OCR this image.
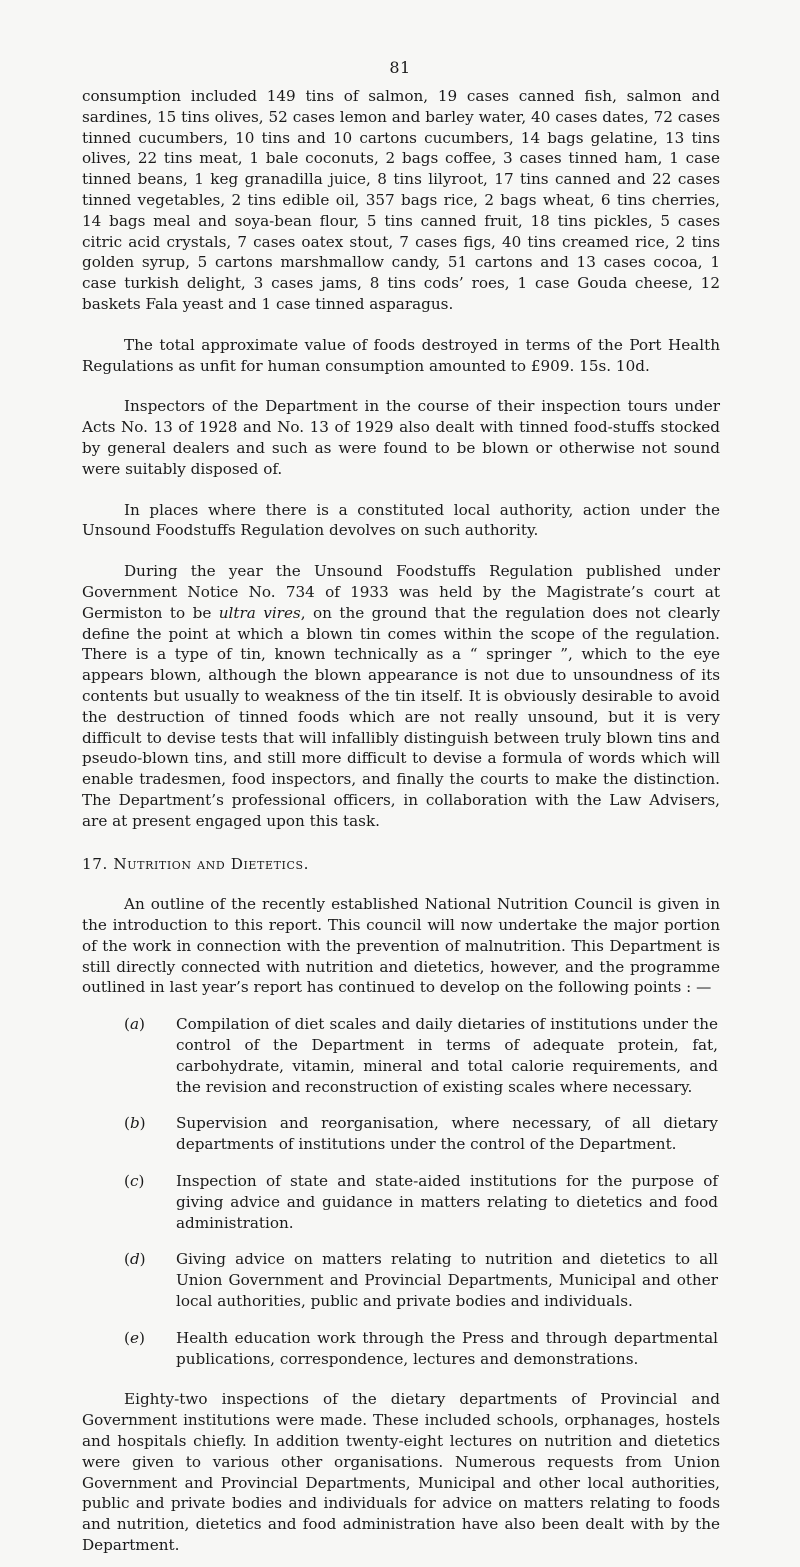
81

consumption included 149 tins of salmon, 19 cases canned fish, salmon and sardines, 15 tins olives, 52 cases lemon and barley water, 40 cases dates, 72 cases tinned cucumbers, 10 tins and 10 cartons cucumbers, 14 bags gelatine, 13 tins olives, 22 tins meat, 1 bale coconuts, 2 bags coffee, 3 cases tinned ham, 1 case tinned beans, 1 keg granadilla juice, 8 tins lilyroot, 17 tins canned and 22 cases tinned vegetables, 2 tins edible oil, 357 bags rice, 2 bags wheat, 6 tins cherries, 14 bags meal and soya-bean flour, 5 tins canned fruit, 18 tins pickles, 5 cases citric acid crystals, 7 cases oatex stout, 7 cases figs, 40 tins creamed rice, 2 tins golden syrup, 5 cartons marshmallow candy, 51 cartons and 13 cases cocoa, 1 case turkish delight, 3 cases jams, 8 tins cods’ roes, 1 case Gouda cheese, 12 baskets Fala yeast and 1 case tinned asparagus.

The total approximate value of foods destroyed in terms of the Port Health Regulations as unfit for human consumption amounted to £909. 15s. 10d.

Inspectors of the Department in the course of their inspection tours under Acts No. 13 of 1928 and No. 13 of 1929 also dealt with tinned food-stuffs stocked by general dealers and such as were found to be blown or otherwise not sound were suitably disposed of.

In places where there is a constituted local authority, action under the Unsound Foodstuffs Regulation devolves on such authority.

During the year the Unsound Foodstuffs Regulation published under Government Notice No. 734 of 1933 was held by the Magistrate’s court at Germiston to be ultra vires, on the ground that the regulation does not clearly define the point at which a blown tin comes within the scope of the regulation. There is a type of tin, known technically as a “ springer ”, which to the eye appears blown, although the blown appearance is not due to unsoundness of its contents but usually to weakness of the tin itself. It is obviously desirable to avoid the destruction of tinned foods which are not really unsound, but it is very difficult to devise tests that will infallibly distinguish between truly blown tins and pseudo-blown tins, and still more difficult to devise a formula of words which will enable tradesmen, food inspectors, and finally the courts to make the distinction. The Department’s professional officers, in collaboration with the Law Advisers, are at present engaged upon this task.

17. Nutrition and Dietetics.

An outline of the recently established National Nutrition Council is given in the introduction to this report. This council will now undertake the major portion of the work in connection with the prevention of malnutrition. This Department is still directly connected with nutrition and dietetics, however, and the programme outlined in last year’s report has continued to develop on the following points : —

(a)	Compilation of diet scales and daily dietaries of institutions under the control of the Department in terms of adequate protein, fat, carbohydrate, vitamin, mineral and total calorie requirements, and the revision and reconstruction of existing scales where necessary.
(b)	Supervision and reorganisation, where necessary, of all dietary departments of institutions under the control of the Department.
(c)	Inspection of state and state-aided institutions for the purpose of giving advice and guidance in matters relating to dietetics and food administration.
(d)	Giving advice on matters relating to nutrition and dietetics to all Union Government and Provincial Departments, Municipal and other local authorities, public and private bodies and individuals.
(e)	Health education work through the Press and through departmental publications, correspondence, lectures and demonstrations.

Eighty-two inspections of the dietary departments of Provincial and Government institutions were made. These included schools, orphanages, hostels and hospitals chiefly. In addition twenty-eight lectures on nutrition and dietetics were given to various other organisations. Numerous requests from Union Government and Provincial Departments, Municipal and other local authorities, public and private bodies and individuals for advice on matters relating to foods and nutrition, dietetics and food administration have also been dealt with by the Department.
